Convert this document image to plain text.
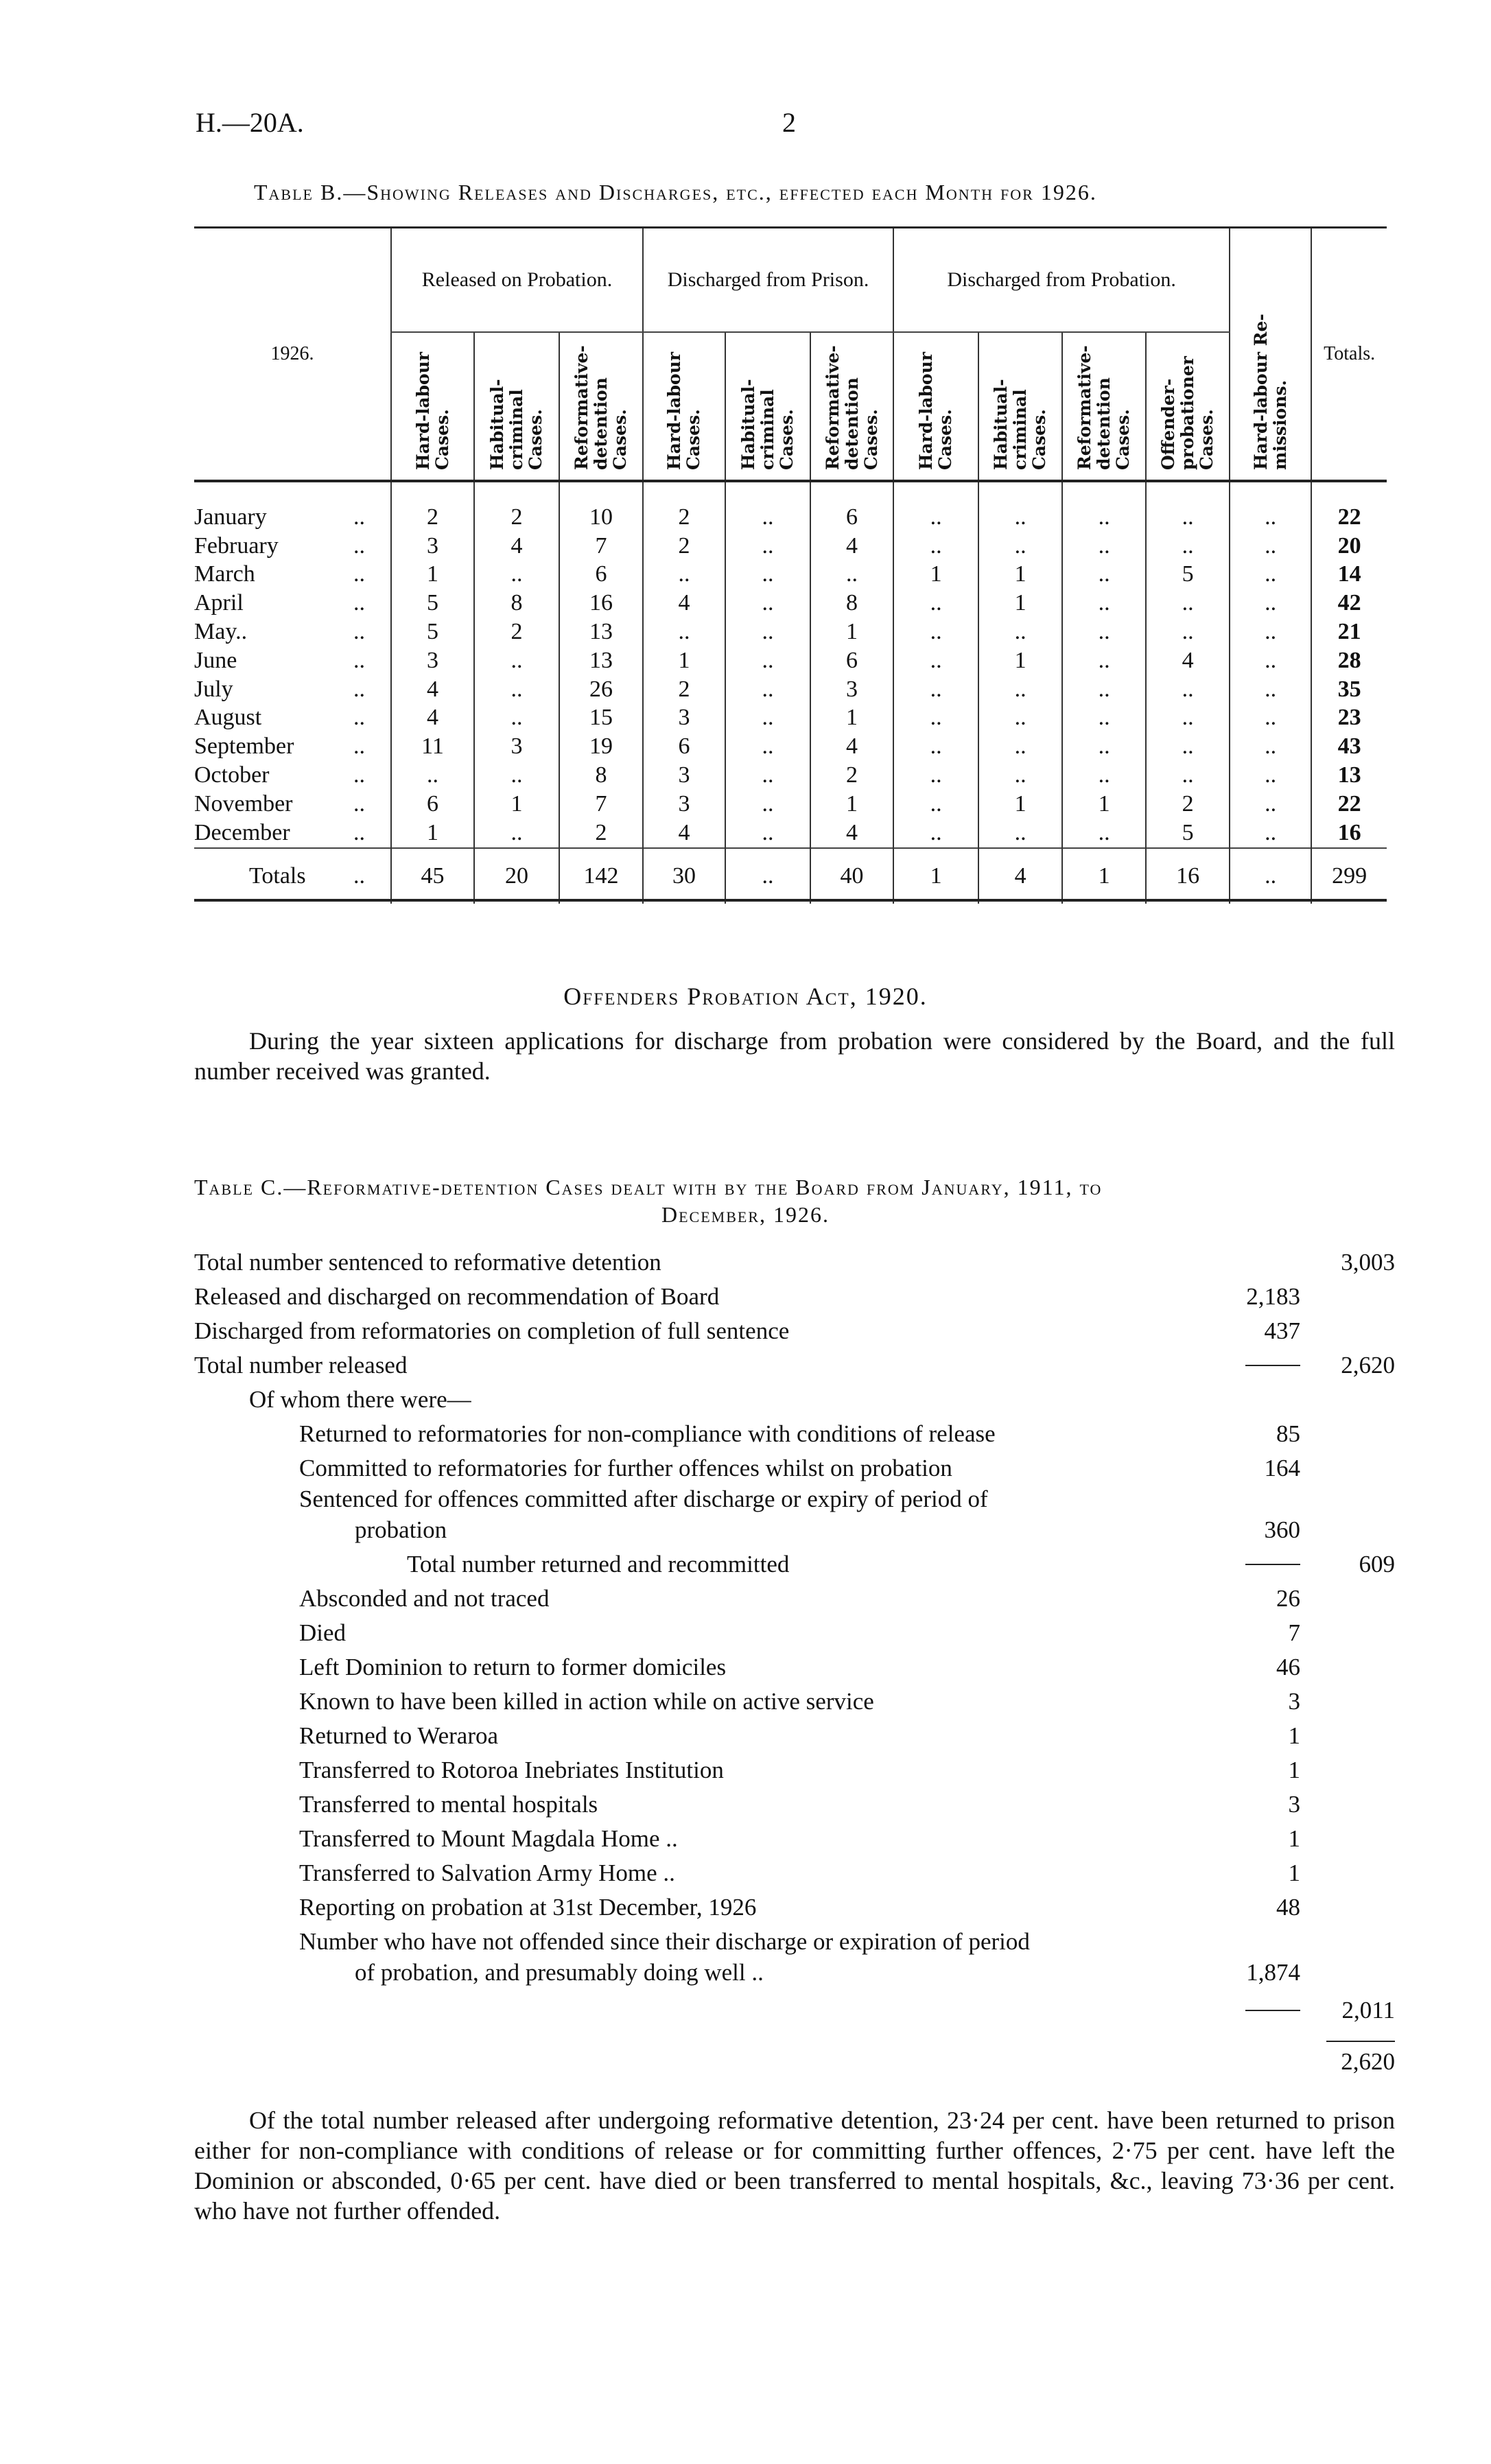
H.—20A.	2
Table B.—Showing Releases and Discharges, etc., effected each Month for 1926.
1926.	Released on Probation.			Discharged from Prison.			Discharged from Probation.				Hard-labour Re-missions.	Totals.

	Hard-labour Cases.	Habitual-criminal Cases.	Reformative-detention Cases.	Hard-labour Cases.	Habitual-criminal Cases.	Reformative-detention Cases.	Hard-labour Cases.	Habitual-criminal Cases.	Reformative-detention Cases.	Offender-probationer Cases.		

January ..	2	2	10	2	..	6	..	..	..	..	..	22
February ..	3	4	7	2	..	4	..	..	..	..	..	20
March ..	1	..	6	..	..	..	1	1	..	5	..	14
April ..	5	8	16	4	..	8	..	1	..	..	..	42
May.. ..	5	2	13	..	..	1	..	..	..	..	..	21
June ..	3	..	13	1	..	6	..	1	..	4	..	28
July ..	4	..	26	2	..	3	..	..	..	..	..	35
August ..	4	..	15	3	..	1	..	..	..	..	..	23
September ..	11	3	19	6	..	4	..	..	..	..	..	43
October ..	..	..	8	3	..	2	..	..	..	..	..	13
November ..	6	1	7	3	..	1	..	1	1	2	..	22
December ..	1	..	2	4	..	4	..	..	..	5	..	16
Totals ..	45	20	142	30	..	40	1	4	1	16	..	299
Offenders Probation Act, 1920.
During the year sixteen applications for discharge from probation were considered by the Board, and the full number received was granted.
Table C.—Reformative-detention Cases dealt with by the Board from January, 1911, to
December, 1926.
Total number sentenced to reformative detention	3,003
Released and discharged on recommendation of Board	2,183
Discharged from reformatories on completion of full sentence	437
Total number released	2,620
Of whom there were—
Returned to reformatories for non-compliance with conditions of release	85
Committed to reformatories for further offences whilst on probation	164
Sentenced for offences committed after discharge or expiry of period of
probation	360
Total number returned and recommitted	609
Absconded and not traced	26
Died	7
Left Dominion to return to former domiciles	46
Known to have been killed in action while on active service	3
Returned to Weraroa	1
Transferred to Rotoroa Inebriates Institution	1
Transferred to mental hospitals	3
Transferred to Mount Magdala Home ..	1
Transferred to Salvation Army Home ..	1
Reporting on probation at 31st December, 1926	48
Number who have not offended since their discharge or expiration of period
of probation, and presumably doing well ..	1,874
2,011
2,620
Of the total number released after undergoing reformative detention, 23·24 per cent. have been returned to prison either for non-compliance with conditions of release or for committing further offences, 2·75 per cent. have left the Dominion or absconded, 0·65 per cent. have died or been transferred to mental hospitals, &c., leaving 73·36 per cent. who have not further offended.
